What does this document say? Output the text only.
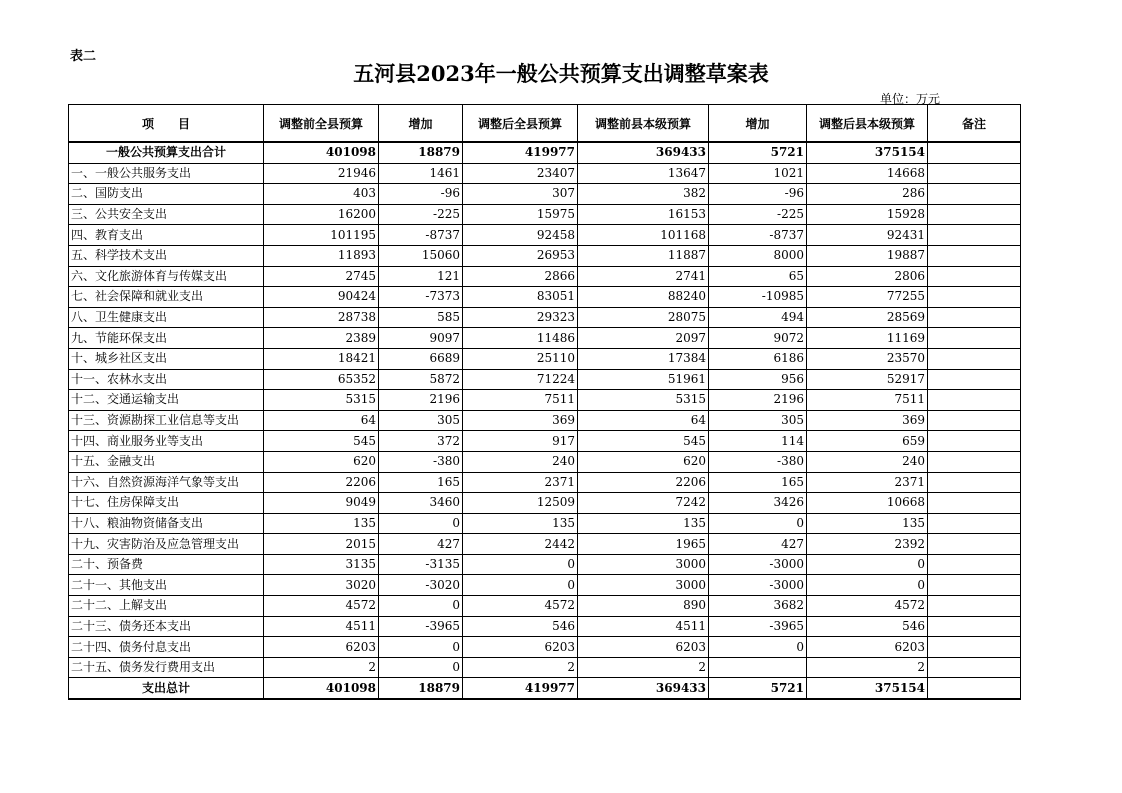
表二
五河县2023年一般公共预算支出调整草案表
单位：万元
项　　目	调整前全县预算	增加	调整后全县预算	调整前县本级预算	增加	调整后县本级预算	备注
一般公共预算支出合计	401098	18879	419977	369433	5721	375154	
一、一般公共服务支出	21946	1461	23407	13647	1021	14668	
二、国防支出	403	-96	307	382	-96	286	
三、公共安全支出	16200	-225	15975	16153	-225	15928	
四、教育支出	101195	-8737	92458	101168	-8737	92431	
五、科学技术支出	11893	15060	26953	11887	8000	19887	
六、文化旅游体育与传媒支出	2745	121	2866	2741	65	2806	
七、社会保障和就业支出	90424	-7373	83051	88240	-10985	77255	
八、卫生健康支出	28738	585	29323	28075	494	28569	
九、节能环保支出	2389	9097	11486	2097	9072	11169	
十、城乡社区支出	18421	6689	25110	17384	6186	23570	
十一、农林水支出	65352	5872	71224	51961	956	52917	
十二、交通运输支出	5315	2196	7511	5315	2196	7511	
十三、资源勘探工业信息等支出	64	305	369	64	305	369	
十四、商业服务业等支出	545	372	917	545	114	659	
十五、金融支出	620	-380	240	620	-380	240	
十六、自然资源海洋气象等支出	2206	165	2371	2206	165	2371	
十七、住房保障支出	9049	3460	12509	7242	3426	10668	
十八、粮油物资储备支出	135	0	135	135	0	135	
十九、灾害防治及应急管理支出	2015	427	2442	1965	427	2392	
二十、预备费	3135	-3135	0	3000	-3000	0	
二十一、其他支出	3020	-3020	0	3000	-3000	0	
二十二、上解支出	4572	0	4572	890	3682	4572	
二十三、债务还本支出	4511	-3965	546	4511	-3965	546	
二十四、债务付息支出	6203	0	6203	6203	0	6203	
二十五、债务发行费用支出	2	0	2	2		2	
支出总计	401098	18879	419977	369433	5721	375154	
